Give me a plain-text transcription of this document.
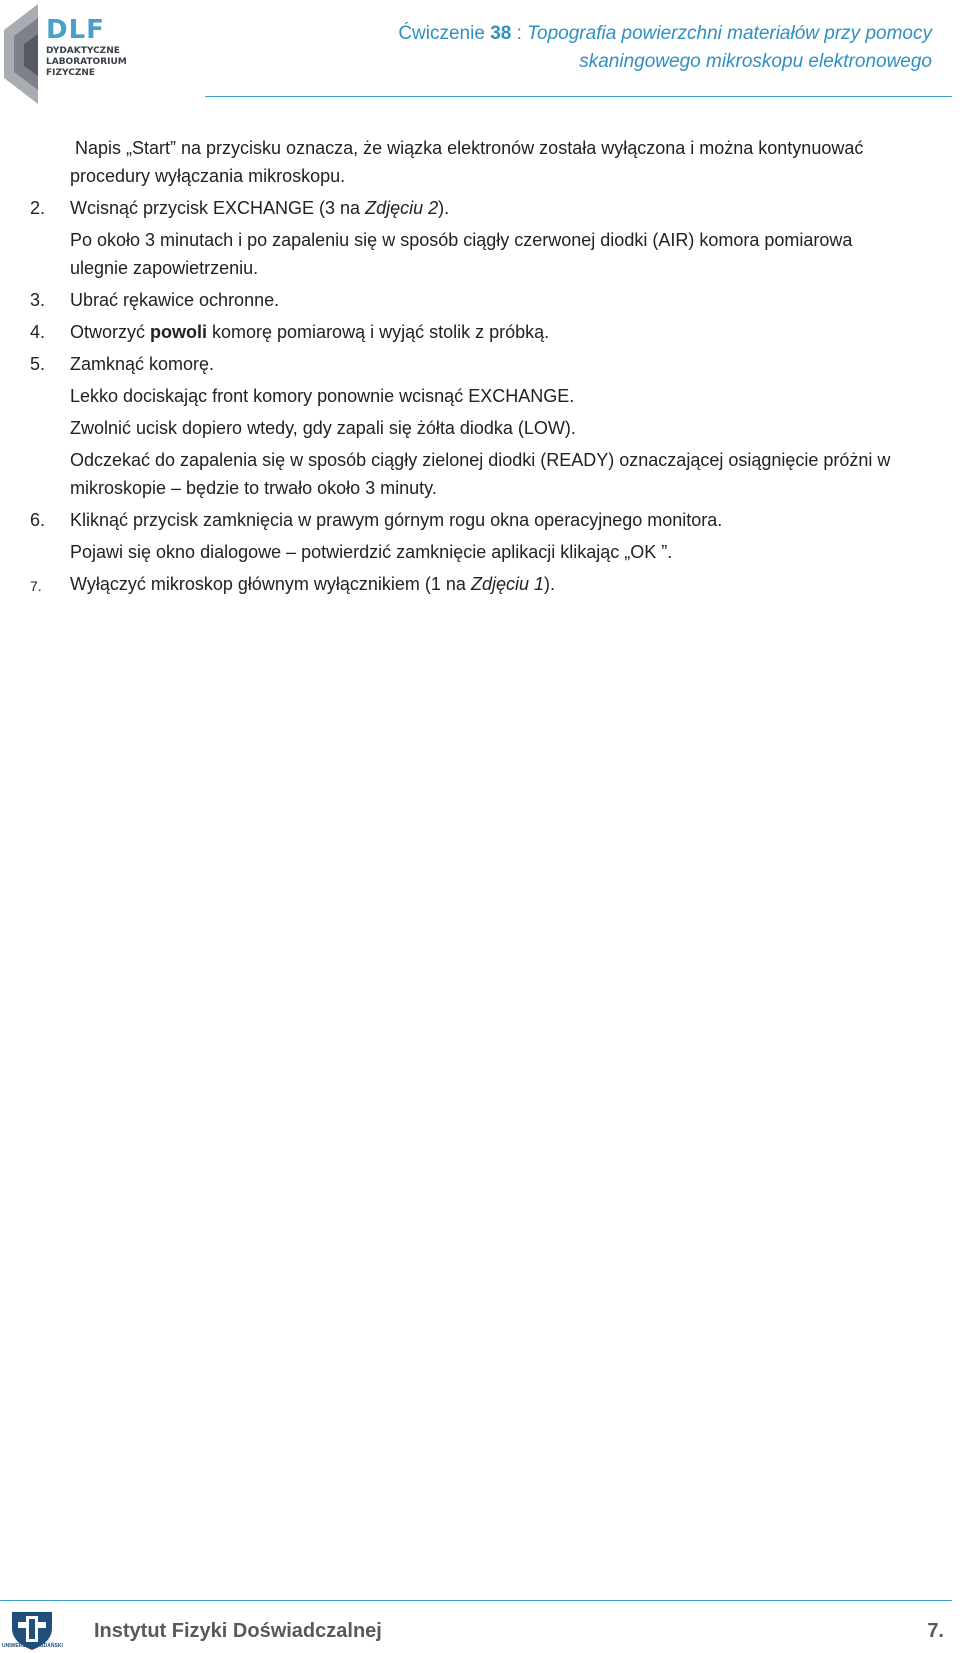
DLF
DYDAKTYCZNE
LABORATORIUM
FIZYCZNE
Ćwiczenie 38 : Topografia powierzchni materiałów przy pomocy
skaningowego mikroskopu elektronowego

Napis „Start” na przycisku oznacza, że wiązka elektronów została wyłączona i można kontynuować procedury wyłączania mikroskopu.

2.	Wcisnąć przycisk EXCHANGE (3 na Zdjęciu 2).

Po około 3 minutach i po zapaleniu się w sposób ciągły czerwonej diodki (AIR) komora pomiarowa ulegnie zapowietrzeniu.

3.	Ubrać rękawice ochronne.
4.	Otworzyć powoli komorę pomiarową i wyjąć stolik z próbką.
5.	Zamknąć komorę.

Lekko dociskając front komory ponownie wcisnąć EXCHANGE.

Zwolnić ucisk dopiero wtedy, gdy zapali się żółta diodka (LOW).

Odczekać do zapalenia się w sposób ciągły zielonej diodki (READY) oznaczającej osiągnięcie próżni w mikroskopie – będzie to trwało około 3 minuty.

6.	Kliknąć przycisk zamknięcia w prawym górnym rogu okna operacyjnego monitora.

Pojawi się okno dialogowe – potwierdzić zamknięcie aplikacji klikając „OK ”.

7.	Wyłączyć mikroskop głównym wyłącznikiem (1 na Zdjęciu 1).
UNIWERSYTET GDAŃSKI
Instytut Fizyki Doświadczalnej	7.
